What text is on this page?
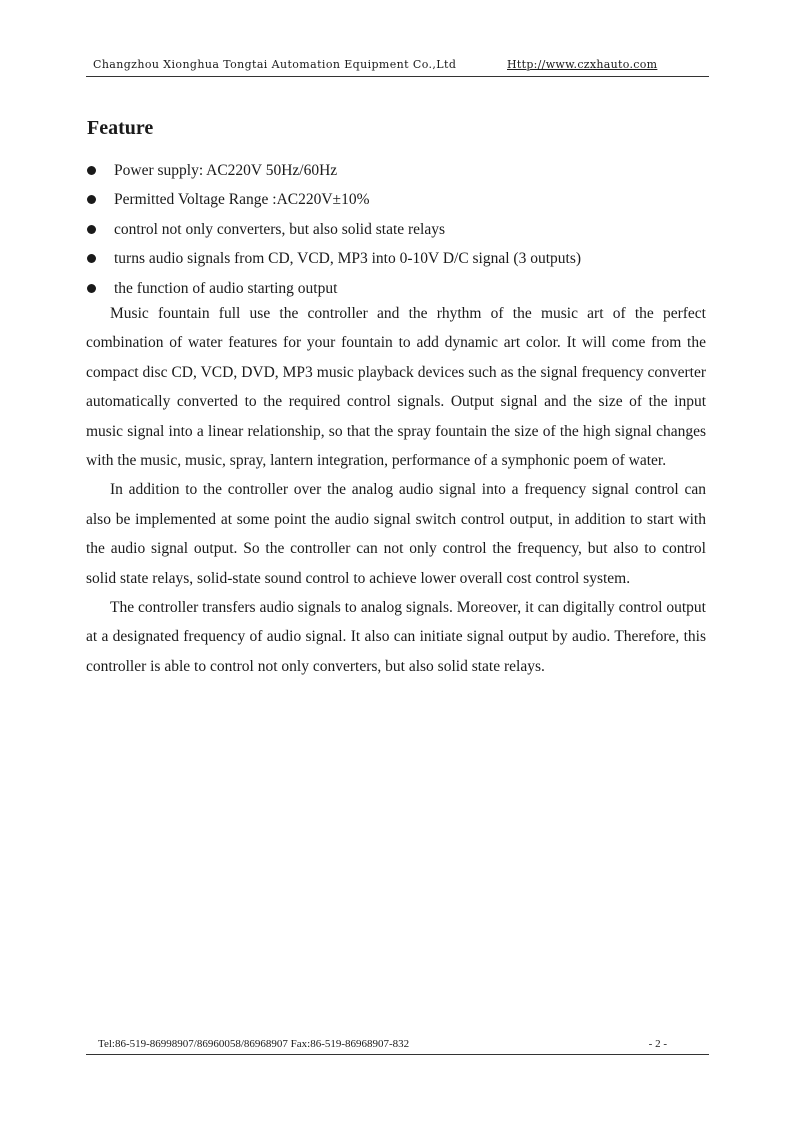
Changzhou Xionghua Tongtai Automation Equipment Co.,Ltd	Http://www.czxhauto.com
Feature
Power supply: AC220V 50Hz/60Hz
Permitted Voltage Range :AC220V±10%
control not only converters, but also solid state relays
turns audio signals from CD, VCD, MP3 into 0-10V D/C signal (3 outputs)
the function of audio starting output

Music fountain full use the controller and the rhythm of the music art of the perfect combination of water features for your fountain to add dynamic art color. It will come from the compact disc CD, VCD, DVD, MP3 music playback devices such as the signal frequency converter automatically converted to the required control signals. Output signal and the size of the input music signal into a linear relationship, so that the spray fountain the size of the high signal changes with the music, music, spray, lantern integration, performance of a symphonic poem of water.

In addition to the controller over the analog audio signal into a frequency signal control can also be implemented at some point the audio signal switch control output, in addition to start with the audio signal output. So the controller can not only control the frequency, but also to control solid state relays, solid-state sound control to achieve lower overall cost control system.

The controller transfers audio signals to analog signals. Moreover, it can digitally control output at a designated frequency of audio signal. It also can initiate signal output by audio. Therefore, this controller is able to control not only converters, but also solid state relays.

Tel:86-519-86998907/86960058/86968907 Fax:86-519-86968907-832	- 2 -
